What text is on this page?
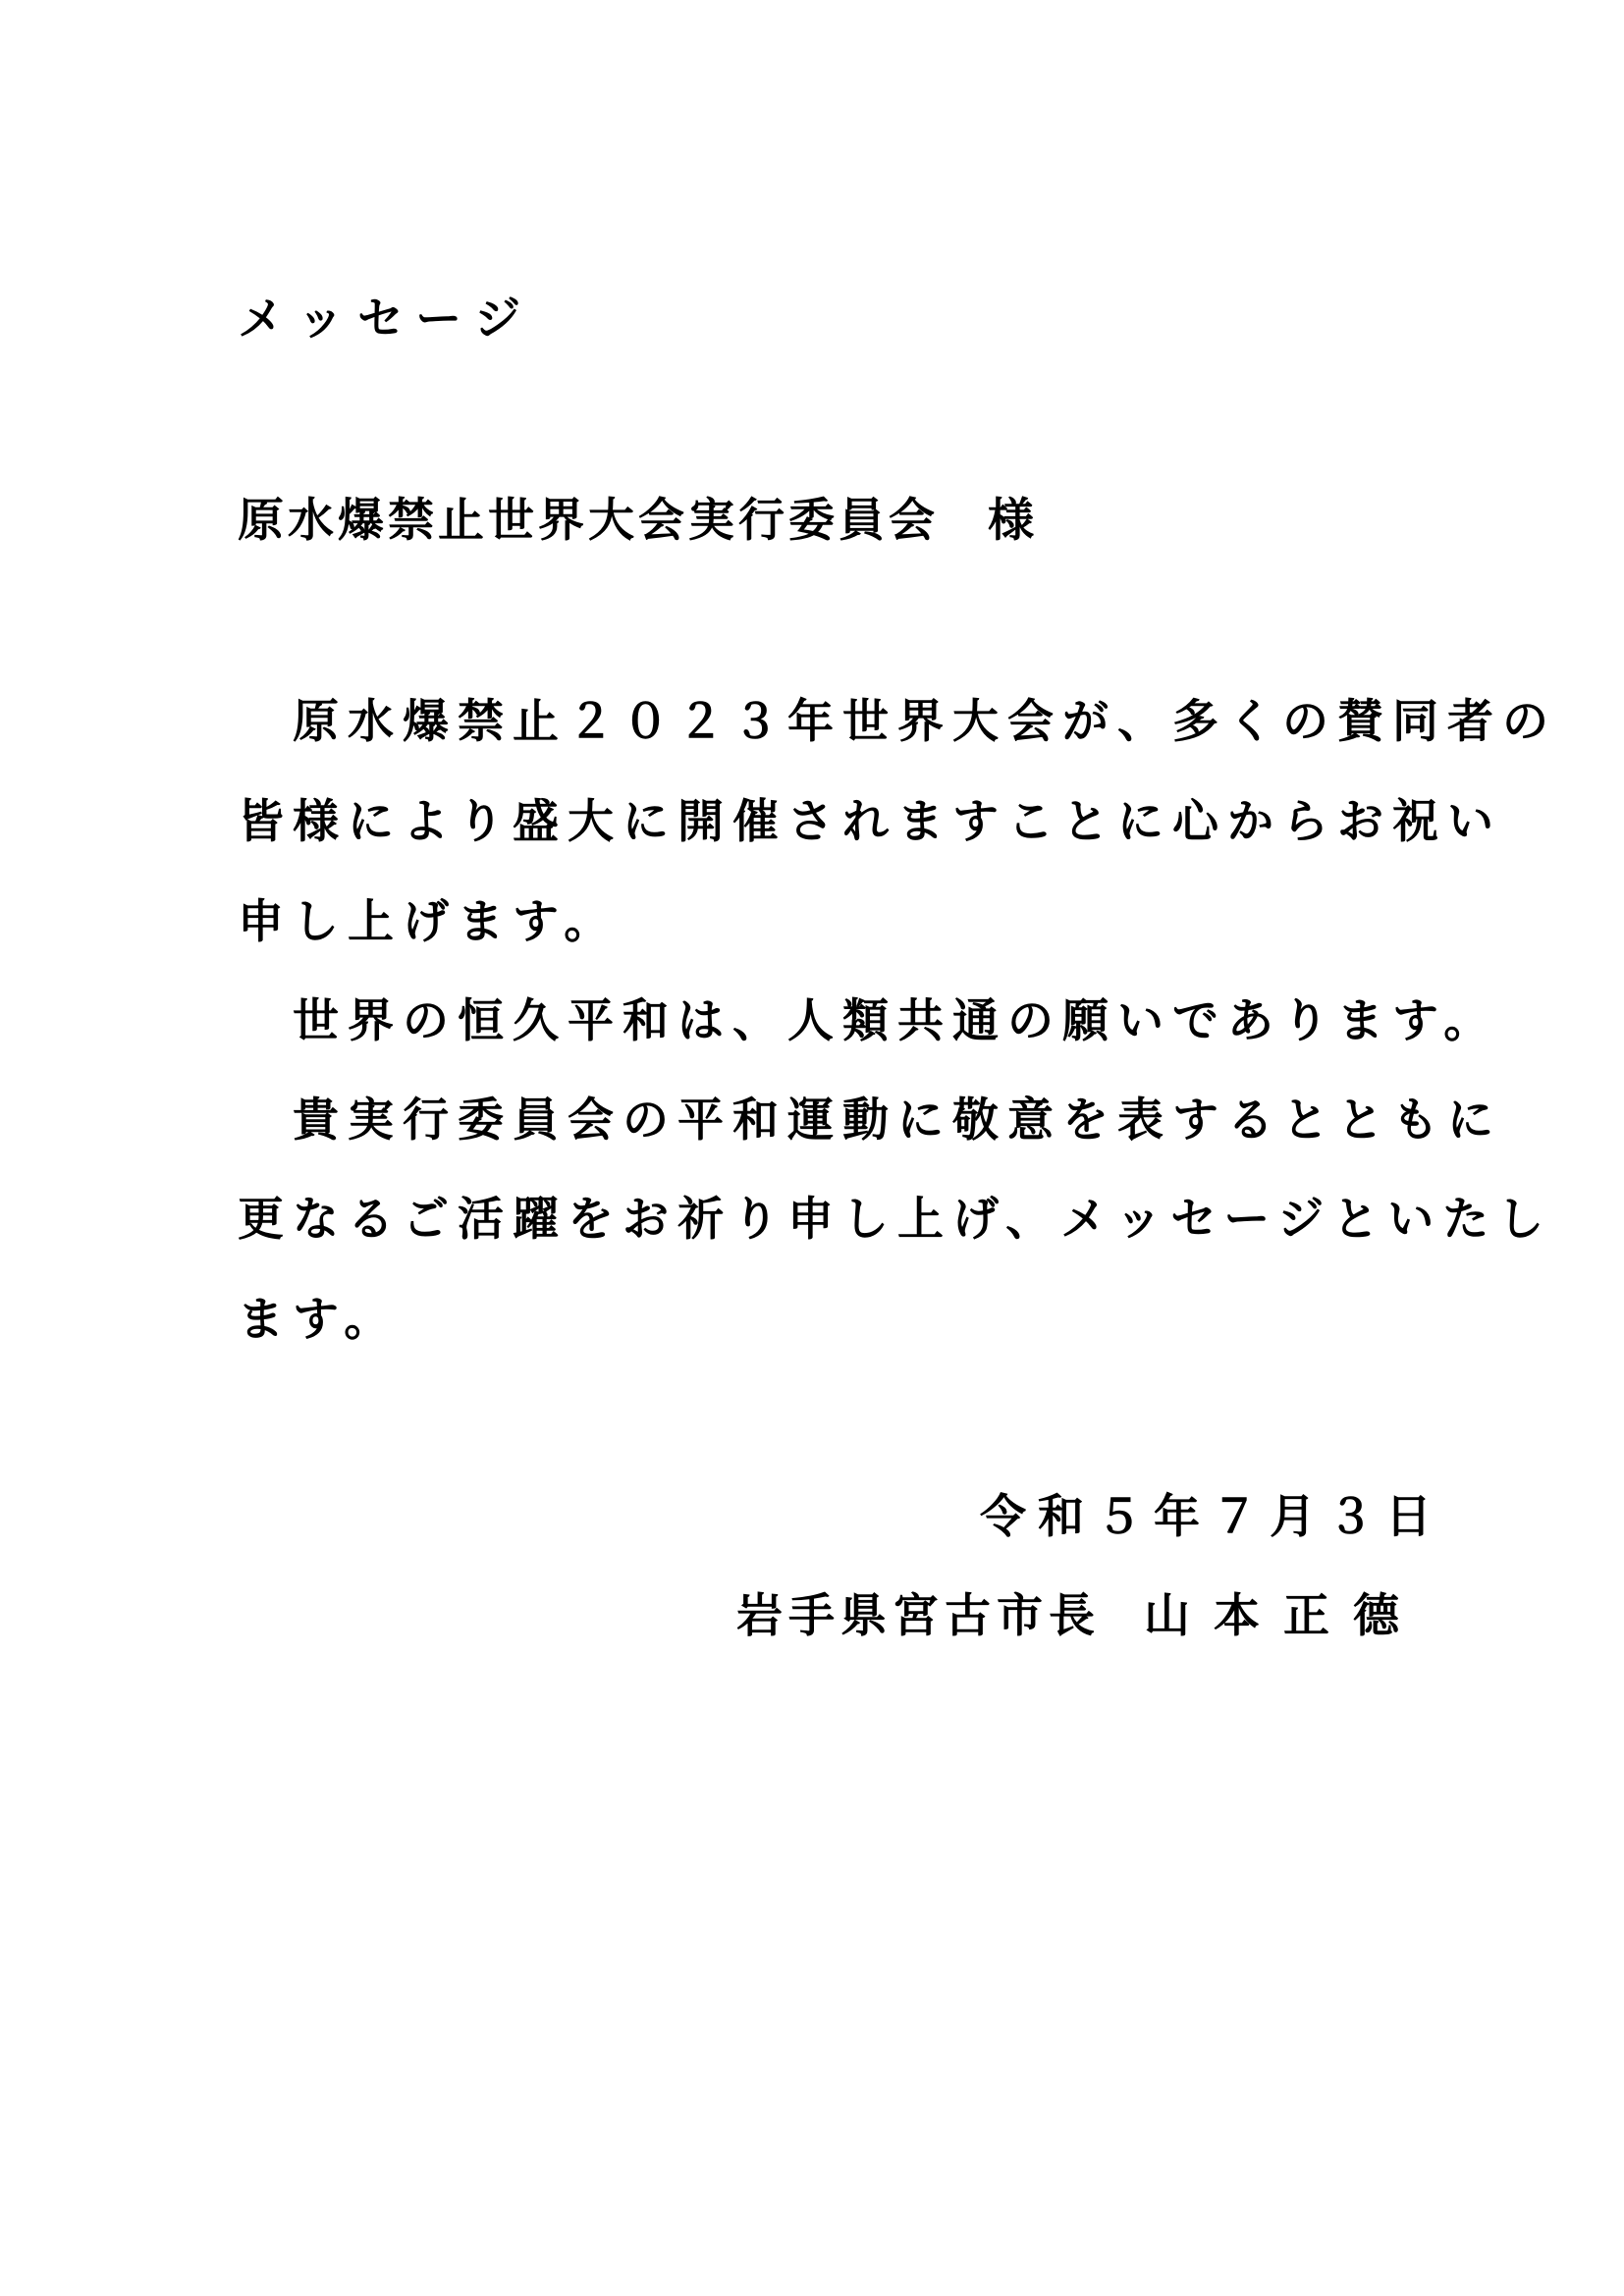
メッセージ
原水爆禁止世界大会実行委員会 様
　原水爆禁止２０２３年世界大会が、多くの賛同者の
皆様により盛大に開催されますことに心からお祝い
申し上げます。
　世界の恒久平和は、人類共通の願いであります。
　貴実行委員会の平和運動に敬意を表するとともに
更なるご活躍をお祈り申し上げ、メッセージといたし
ます。
令和５年７月３日
岩手県宮古市長 山本正德
